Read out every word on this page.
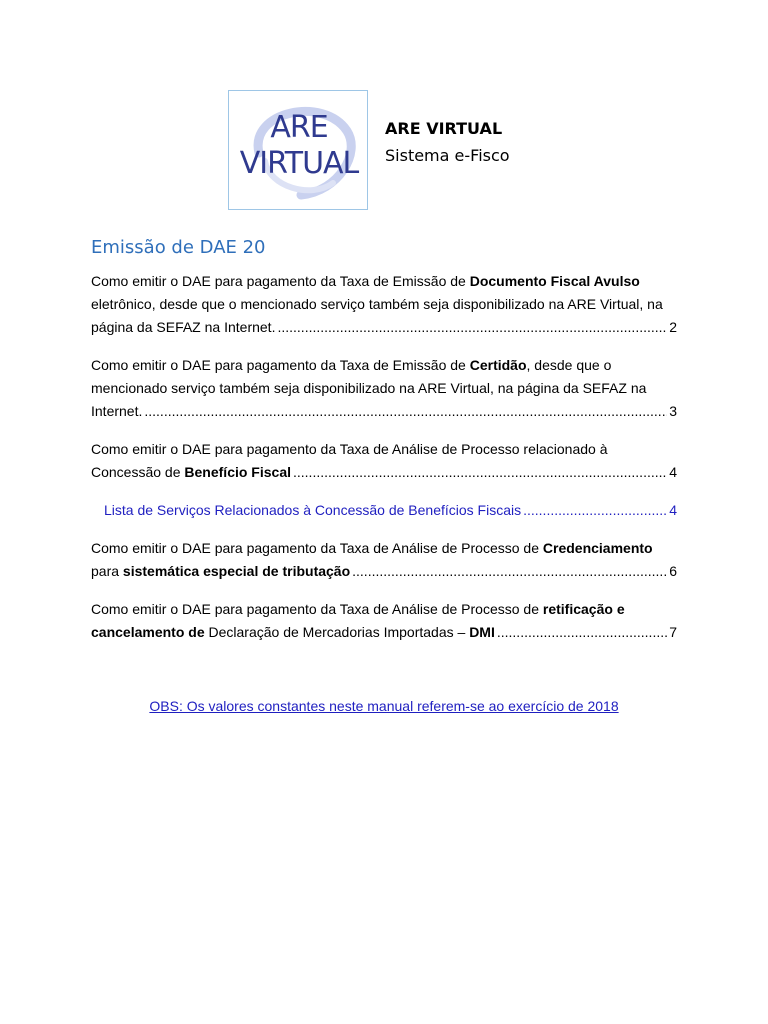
ARE
VIRTUAL
ARE VIRTUAL
Sistema e-Fisco
Emissão de DAE 20
Como emitir o DAE para pagamento da Taxa de Emissão de Documento Fiscal Avulso
eletrônico, desde que o mencionado serviço também seja disponibilizado na ARE Virtual, na
página da SEFAZ na Internet. .....	2
Como emitir o DAE para pagamento da Taxa de Emissão de Certidão, desde que o
mencionado serviço também seja disponibilizado na ARE Virtual, na página da SEFAZ na
Internet. .....	3
Como emitir o DAE para pagamento da Taxa de Análise de Processo relacionado à
Concessão de Benefício Fiscal .....	4
Lista de Serviços Relacionados à Concessão de Benefícios Fiscais .....	4
Como emitir o DAE para pagamento da Taxa de Análise de Processo de Credenciamento
para sistemática especial de tributação .....	6
Como emitir o DAE para pagamento da Taxa de Análise de Processo de retificação e
cancelamento de Declaração de Mercadorias Importadas – DMI .....	7
OBS: Os valores constantes neste manual referem-se ao exercício de 2018
